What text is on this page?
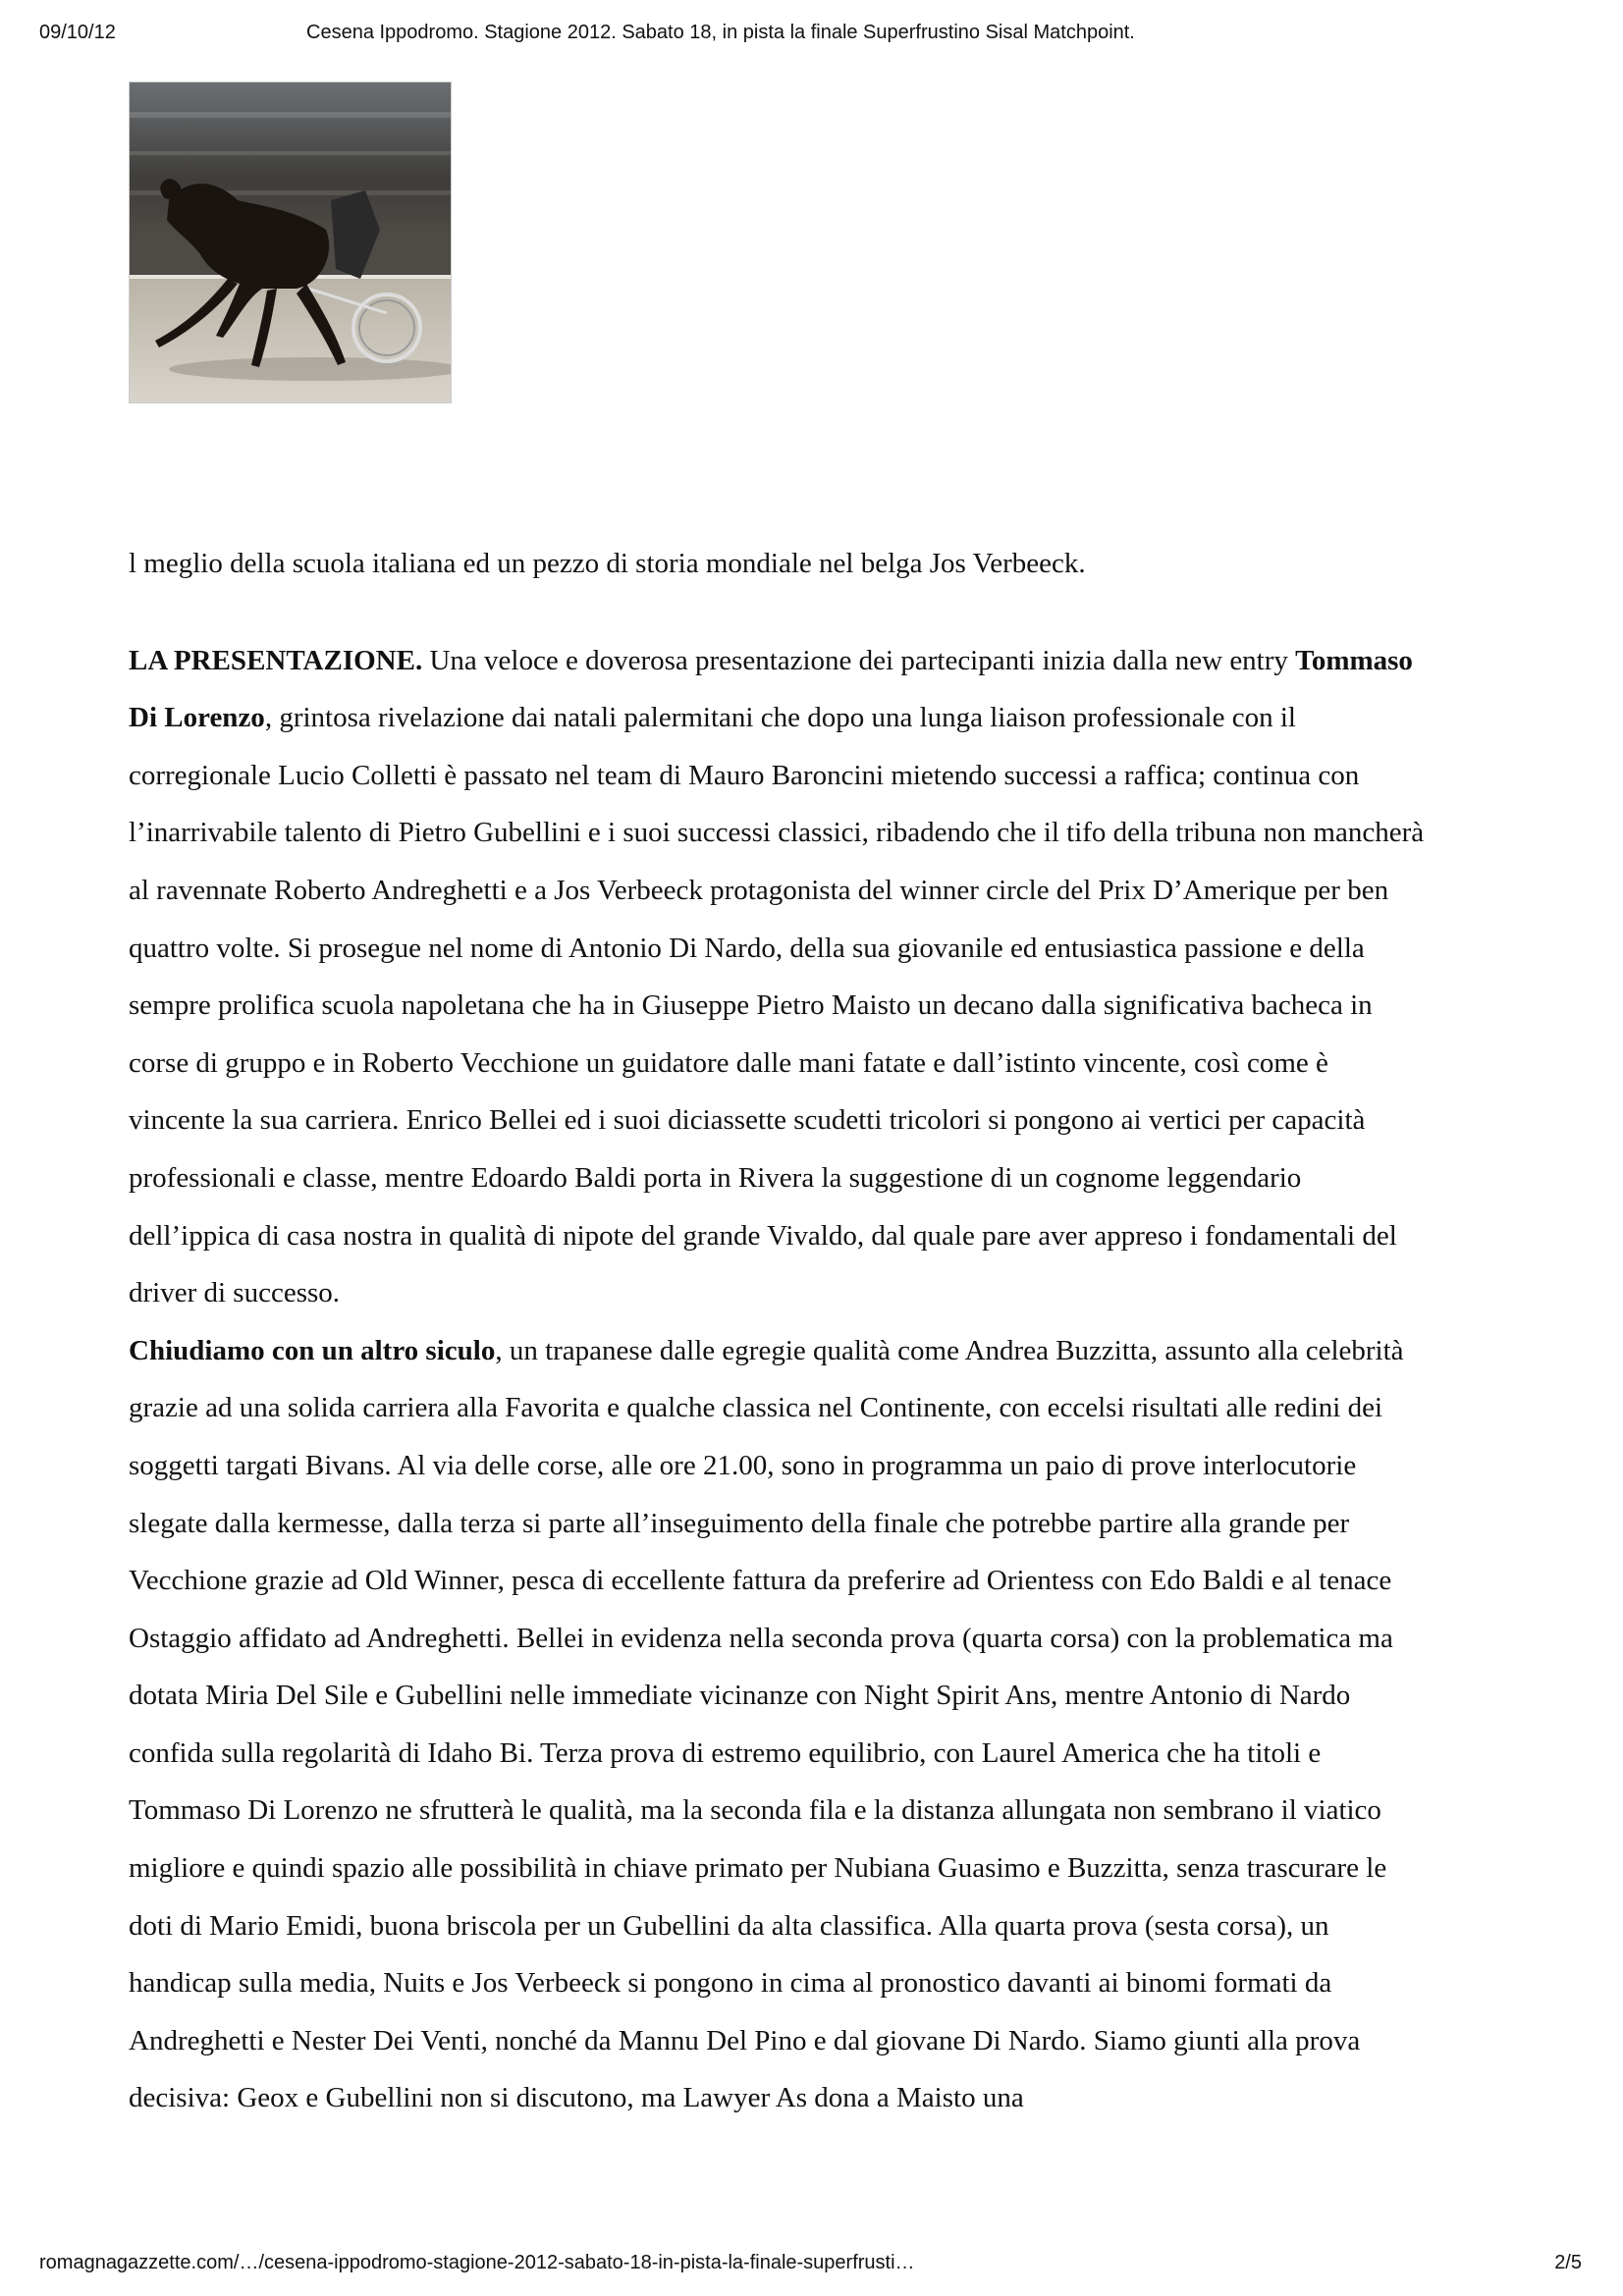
09/10/12	Cesena Ippodromo. Stagione 2012. Sabato 18, in pista la finale Superfrustino Sisal Matchpoint.

l meglio della scuola italiana ed un pezzo di storia mondiale nel belga Jos Verbeeck.

LA PRESENTAZIONE. Una veloce e doverosa presentazione dei partecipanti inizia dalla new entry Tommaso Di Lorenzo, grintosa rivelazione dai natali palermitani che dopo una lunga liaison professionale con il corregionale Lucio Colletti è passato nel team di Mauro Baroncini mietendo successi a raffica; continua con l’inarrivabile talento di Pietro Gubellini e i suoi successi classici, ribadendo che il tifo della tribuna non mancherà al ravennate Roberto Andreghetti e a Jos Verbeeck protagonista del winner circle del Prix D’Amerique per ben quattro volte. Si prosegue nel nome di Antonio Di Nardo, della sua giovanile ed entusiastica passione e della sempre prolifica scuola napoletana che ha in Giuseppe Pietro Maisto un decano dalla significativa bacheca in corse di gruppo e in Roberto Vecchione un guidatore dalle mani fatate e dall’istinto vincente, così come è vincente la sua carriera. Enrico Bellei ed i suoi diciassette scudetti tricolori si pongono ai vertici per capacità professionali e classe, mentre Edoardo Baldi porta in Rivera la suggestione di un cognome leggendario dell’ippica di casa nostra in qualità di nipote del grande Vivaldo, dal quale pare aver appreso i fondamentali del driver di successo.

Chiudiamo con un altro siculo, un trapanese dalle egregie qualità come Andrea Buzzitta, assunto alla celebrità grazie ad una solida carriera alla Favorita e qualche classica nel Continente, con eccelsi risultati alle redini dei soggetti targati Bivans. Al via delle corse, alle ore 21.00, sono in programma un paio di prove interlocutorie slegate dalla kermesse, dalla terza si parte all’inseguimento della finale che potrebbe partire alla grande per Vecchione grazie ad Old Winner, pesca di eccellente fattura da preferire ad Orientess con Edo Baldi e al tenace Ostaggio affidato ad Andreghetti. Bellei in evidenza nella seconda prova (quarta corsa) con la problematica ma dotata Miria Del Sile e Gubellini nelle immediate vicinanze con Night Spirit Ans, mentre Antonio di Nardo confida sulla regolarità di Idaho Bi. Terza prova di estremo equilibrio, con Laurel America che ha titoli e Tommaso Di Lorenzo ne sfrutterà le qualità, ma la seconda fila e la distanza allungata non sembrano il viatico migliore e quindi spazio alle possibilità in chiave primato per Nubiana Guasimo e Buzzitta, senza trascurare le doti di Mario Emidi, buona briscola per un Gubellini da alta classifica. Alla quarta prova (sesta corsa), un handicap sulla media, Nuits e Jos Verbeeck si pongono in cima al pronostico davanti ai binomi formati da Andreghetti e Nester Dei Venti, nonché da Mannu Del Pino e dal giovane Di Nardo. Siamo giunti alla prova decisiva: Geox e Gubellini non si discutono, ma Lawyer As dona a Maisto una

romagnagazzette.com/…/cesena-ippodromo-stagione-2012-sabato-18-in-pista-la-finale-superfrusti…	2/5
